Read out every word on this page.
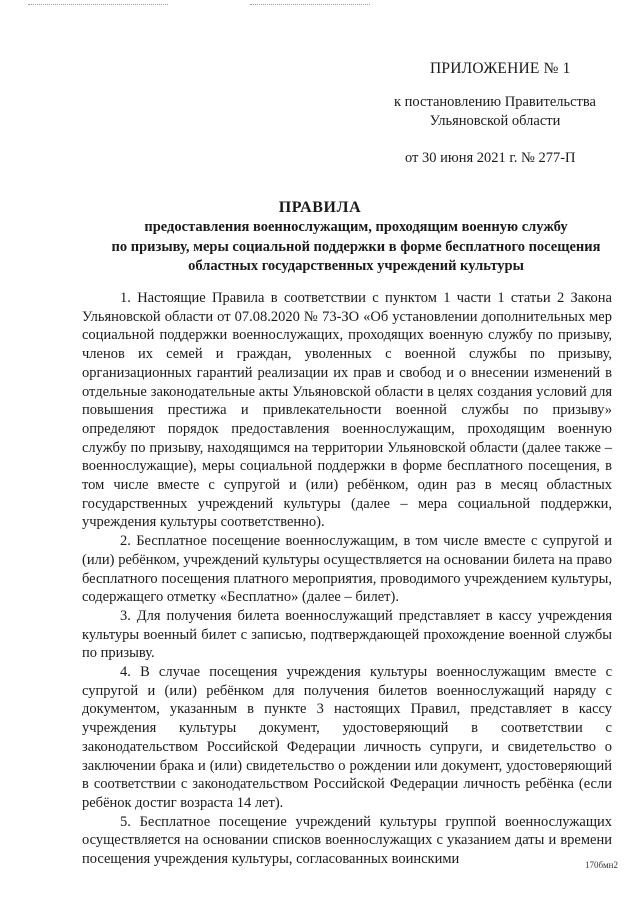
ПРИЛОЖЕНИЕ № 1
к постановлению Правительства
Ульяновской области
от 30 июня 2021 г. № 277-П
ПРАВИЛА
предоставления военнослужащим, проходящим военную службу
по призыву, меры социальной поддержки в форме бесплатного посещения
областных государственных учреждений культуры

1. Настоящие Правила в соответствии с пунктом 1 части 1 статьи 2 Закона Ульяновской области от 07.08.2020 № 73-ЗО «Об установлении дополнительных мер социальной поддержки военнослужащих, проходящих военную службу по призыву, членов их семей и граждан, уволенных с военной службы по призыву, организационных гарантий реализации их прав и свобод и о внесении изменений в отдельные законодательные акты Ульяновской области в целях создания условий для повышения престижа и привлекательности военной службы по призыву» определяют порядок предоставления военнослужащим, проходящим военную службу по призыву, находящимся на территории Ульяновской области (далее также – военнослужащие), меры социальной поддержки в форме бесплатного посещения, в том числе вместе с супругой и (или) ребёнком, один раз в месяц областных государственных учреждений культуры (далее – мера социальной поддержки, учреждения культуры соответственно).

2. Бесплатное посещение военнослужащим, в том числе вместе с супругой и (или) ребёнком, учреждений культуры осуществляется на основании билета на право бесплатного посещения платного мероприятия, проводимого учреждением культуры, содержащего отметку «Бесплатно» (далее – билет).

3. Для получения билета военнослужащий представляет в кассу учреждения культуры военный билет с записью, подтверждающей прохождение военной службы по призыву.

4. В случае посещения учреждения культуры военнослужащим вместе с супругой и (или) ребёнком для получения билетов военнослужащий наряду с документом, указанным в пункте 3 настоящих Правил, представляет в кассу учреждения культуры документ, удостоверяющий в соответствии с законодательством Российской Федерации личность супруги, и свидетельство о заключении брака и (или) свидетельство о рождении или документ, удостоверяющий в соответствии с законодательством Российской Федерации личность ребёнка (если ребёнок достиг возраста 14 лет).

5. Бесплатное посещение учреждений культуры группой военнослужащих осуществляется на основании списков военнослужащих с указанием даты и времени посещения учреждения культуры, согласованных воинскими	170бмн2
